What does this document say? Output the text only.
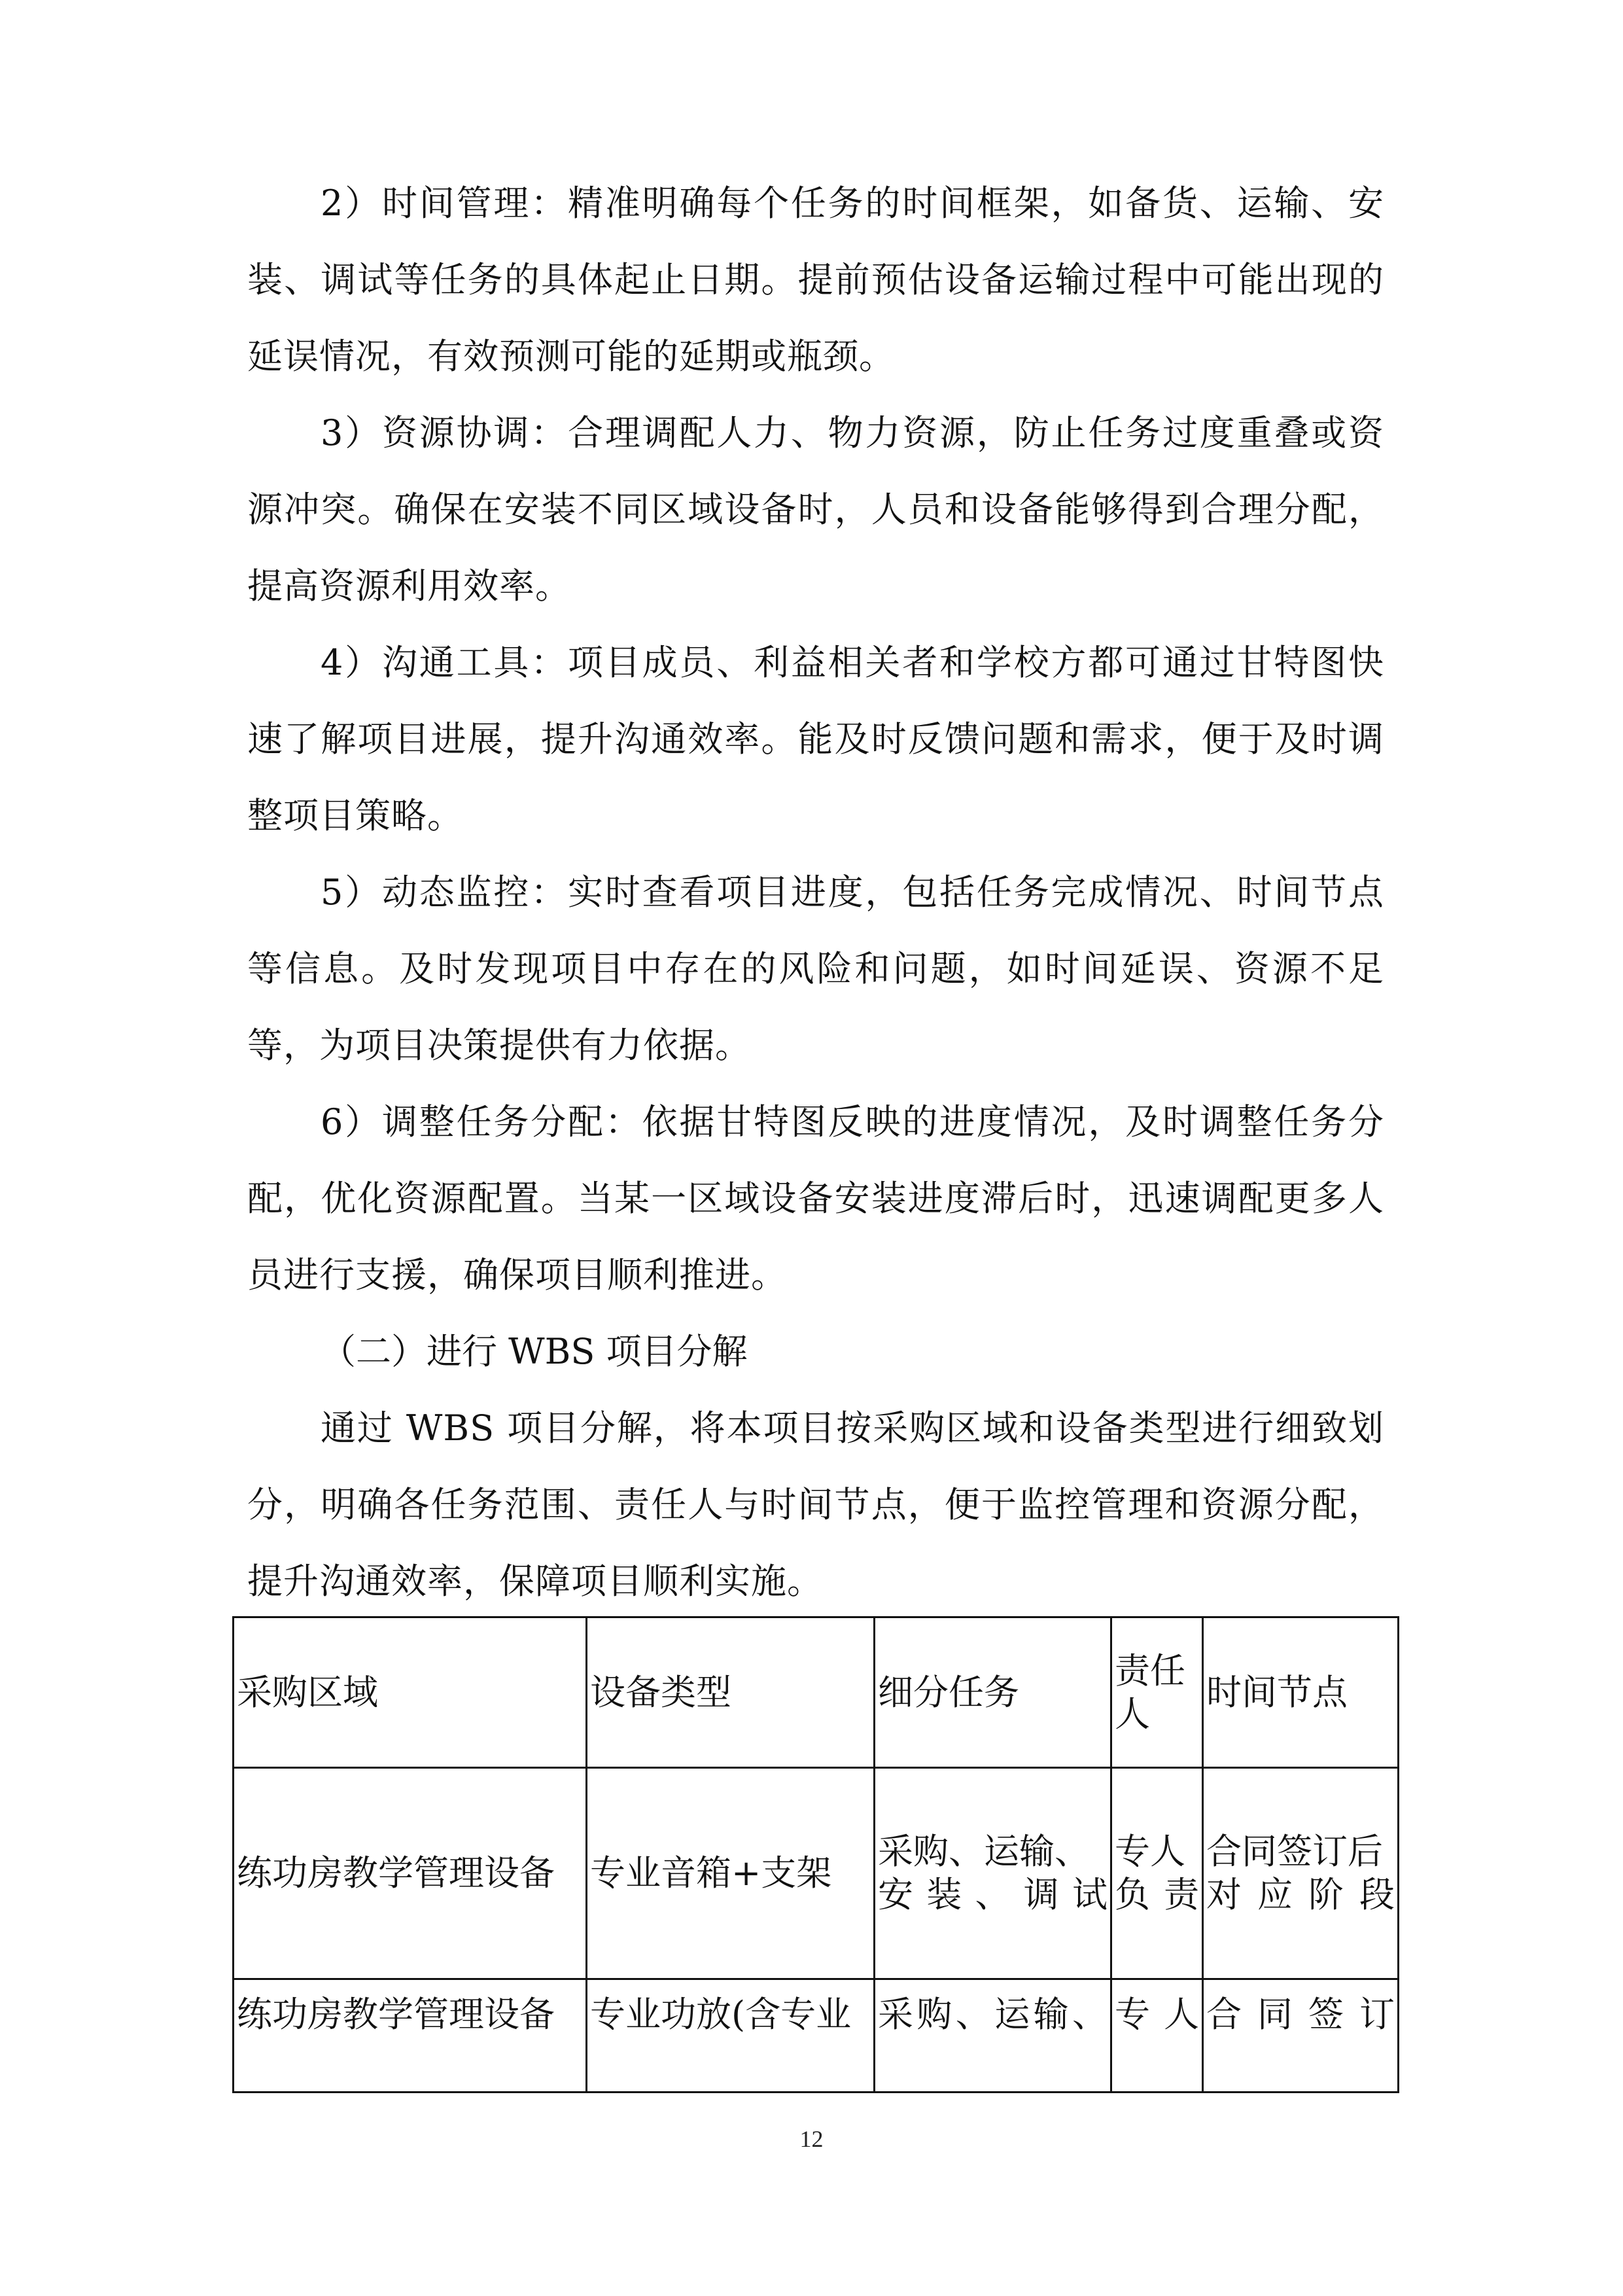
2）时间管理：精准明确每个任务的时间框架，如备货、运输、安装、调试等任务的具体起止日期。提前预估设备运输过程中可能出现的延误情况，有效预测可能的延期或瓶颈。

3）资源协调：合理调配人力、物力资源，防止任务过度重叠或资源冲突。确保在安装不同区域设备时，人员和设备能够得到合理分配，提高资源利用效率。

4）沟通工具：项目成员、利益相关者和学校方都可通过甘特图快速了解项目进展，提升沟通效率。能及时反馈问题和需求，便于及时调整项目策略。

5）动态监控：实时查看项目进度，包括任务完成情况、时间节点等信息。及时发现项目中存在的风险和问题，如时间延误、资源不足等，为项目决策提供有力依据。

6）调整任务分配：依据甘特图反映的进度情况，及时调整任务分配，优化资源配置。当某一区域设备安装进度滞后时，迅速调配更多人员进行支援，确保项目顺利推进。

（二）进行 WBS 项目分解

通过 WBS 项目分解，将本项目按采购区域和设备类型进行细致划分，明确各任务范围、责任人与时间节点，便于监控管理和资源分配，提升沟通效率，保障项目顺利实施。

采购区域	设备类型	细分任务	责任人	时间节点
练功房教学管理设备	专业音箱+支架	采购、运输、安装、调试	专人负责	合同签订后对应阶段
练功房教学管理设备	专业功放(含专业	采购、运输、	专人	合同签订
12
